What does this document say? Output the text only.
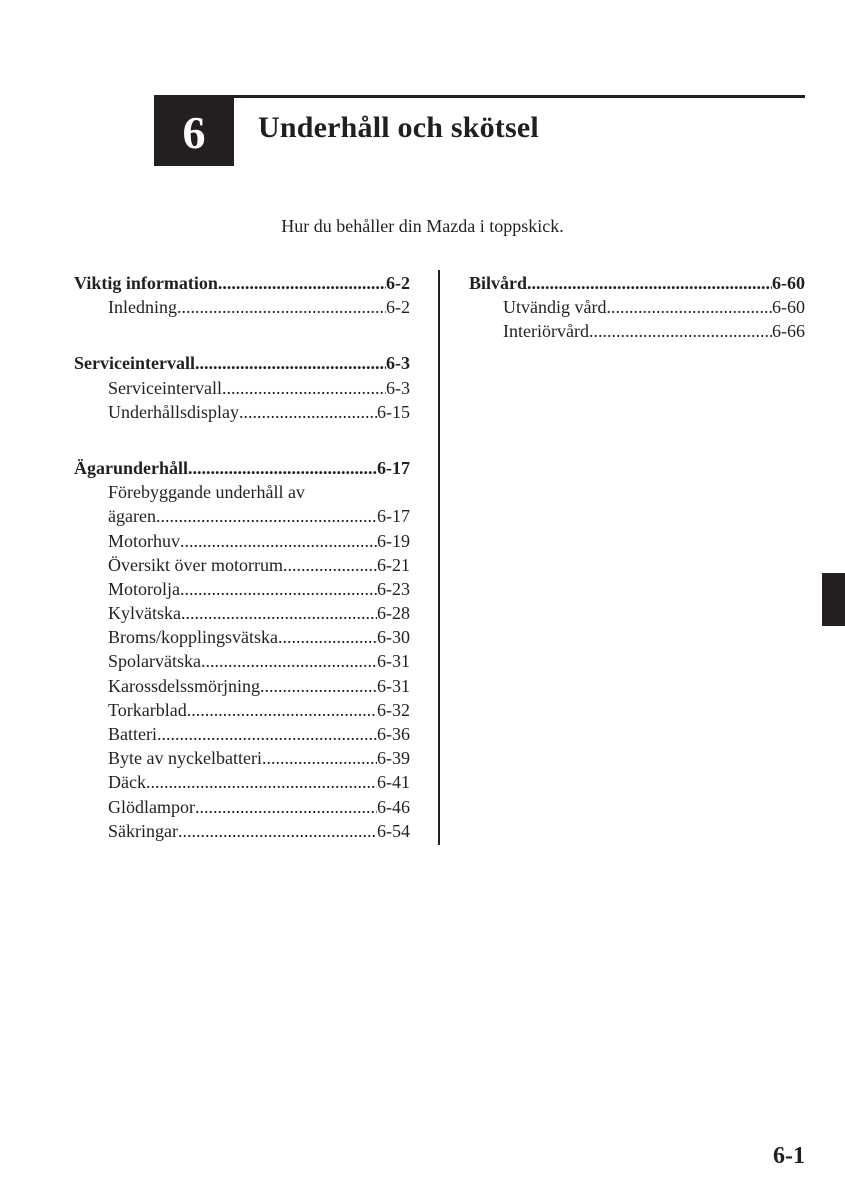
6 Underhåll och skötsel
Hur du behåller din Mazda i toppskick.
Viktig information .....	6-2
Inledning .....	6-2
Serviceintervall .....	6-3
Serviceintervall .....	6-3
Underhållsdisplay .....	6-15
Ägarunderhåll .....	6-17
Förebyggande underhåll av
ägaren .....	6-17
Motorhuv .....	6-19
Översikt över motorrum .....	6-21
Motorolja .....	6-23
Kylvätska .....	6-28
Broms/kopplingsvätska .....	6-30
Spolarvätska .....	6-31
Karossdelssmörjning .....	6-31
Torkarblad .....	6-32
Batteri .....	6-36
Byte av nyckelbatteri .....	6-39
Däck .....	6-41
Glödlampor .....	6-46
Säkringar .....	6-54
Bilvård .....	6-60
Utvändig vård .....	6-60
Interiörvård .....	6-66
6-1
